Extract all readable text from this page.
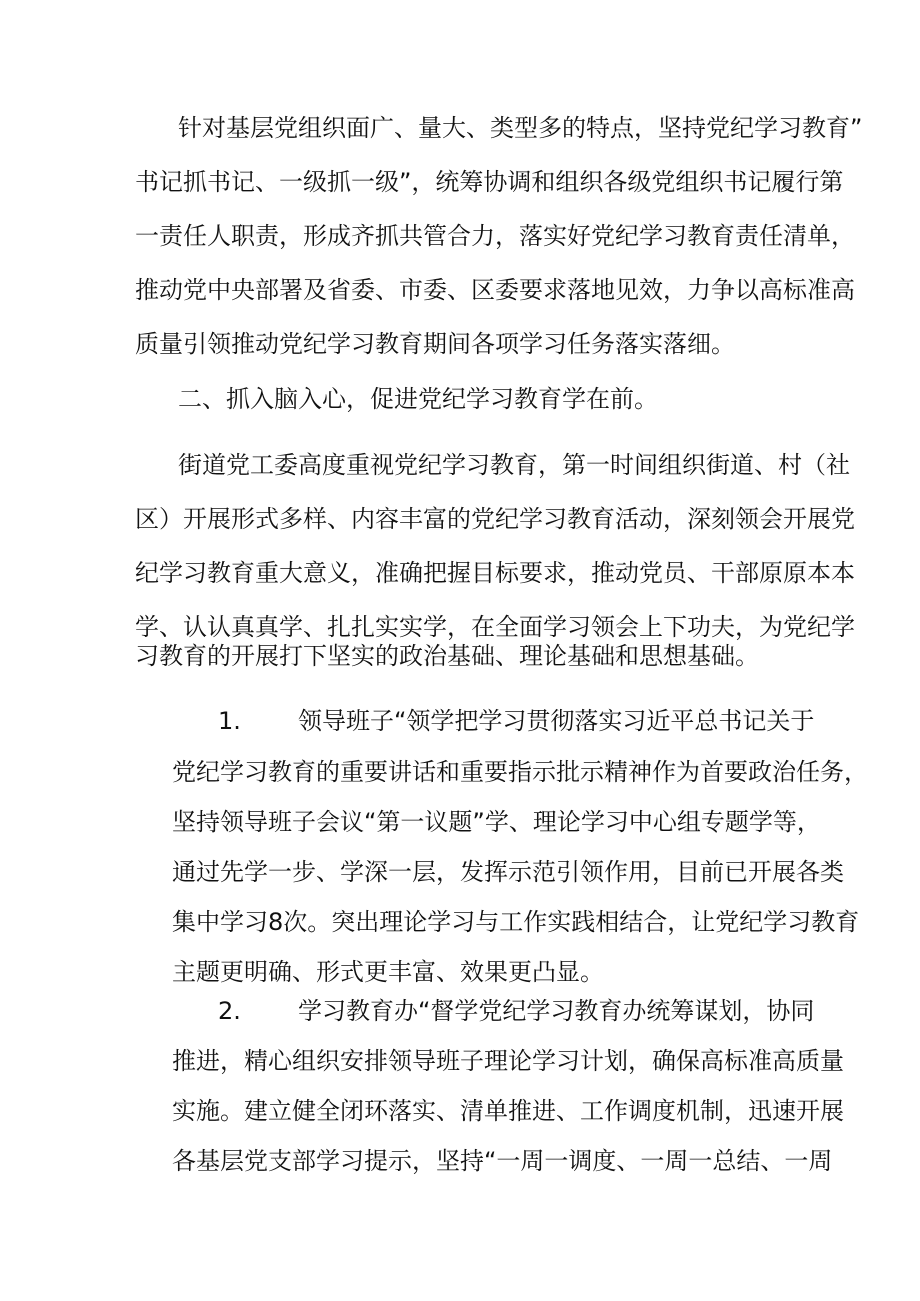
针对基层党组织面广、量大、类型多的特点，坚持党纪学习教育”
书记抓书记、一级抓一级”，统筹协调和组织各级党组织书记履行第
一责任人职责，形成齐抓共管合力，落实好党纪学习教育责任清单，
推动党中央部署及省委、市委、区委要求落地见效，力争以高标准高
质量引领推动党纪学习教育期间各项学习任务落实落细。
二、抓入脑入心，促进党纪学习教育学在前。
街道党工委高度重视党纪学习教育，第一时间组织街道、村（社
区）开展形式多样、内容丰富的党纪学习教育活动，深刻领会开展党
纪学习教育重大意义，准确把握目标要求，推动党员、干部原原本本
学、认认真真学、扎扎实实学，在全面学习领会上下功夫，为党纪学
习教育的开展打下坚实的政治基础、理论基础和思想基础。
1. 领导班子“领学把学习贯彻落实习近平总书记关于
党纪学习教育的重要讲话和重要指示批示精神作为首要政治任务，
坚持领导班子会议“第一议题”学、理论学习中心组专题学等，
通过先学一步、学深一层，发挥示范引领作用，目前已开展各类
集中学习8次。突出理论学习与工作实践相结合，让党纪学习教育
主题更明确、形式更丰富、效果更凸显。
2. 学习教育办“督学党纪学习教育办统筹谋划，协同
推进，精心组织安排领导班子理论学习计划，确保高标准高质量
实施。建立健全闭环落实、清单推进、工作调度机制，迅速开展
各基层党支部学习提示，坚持“一周一调度、一周一总结、一周
